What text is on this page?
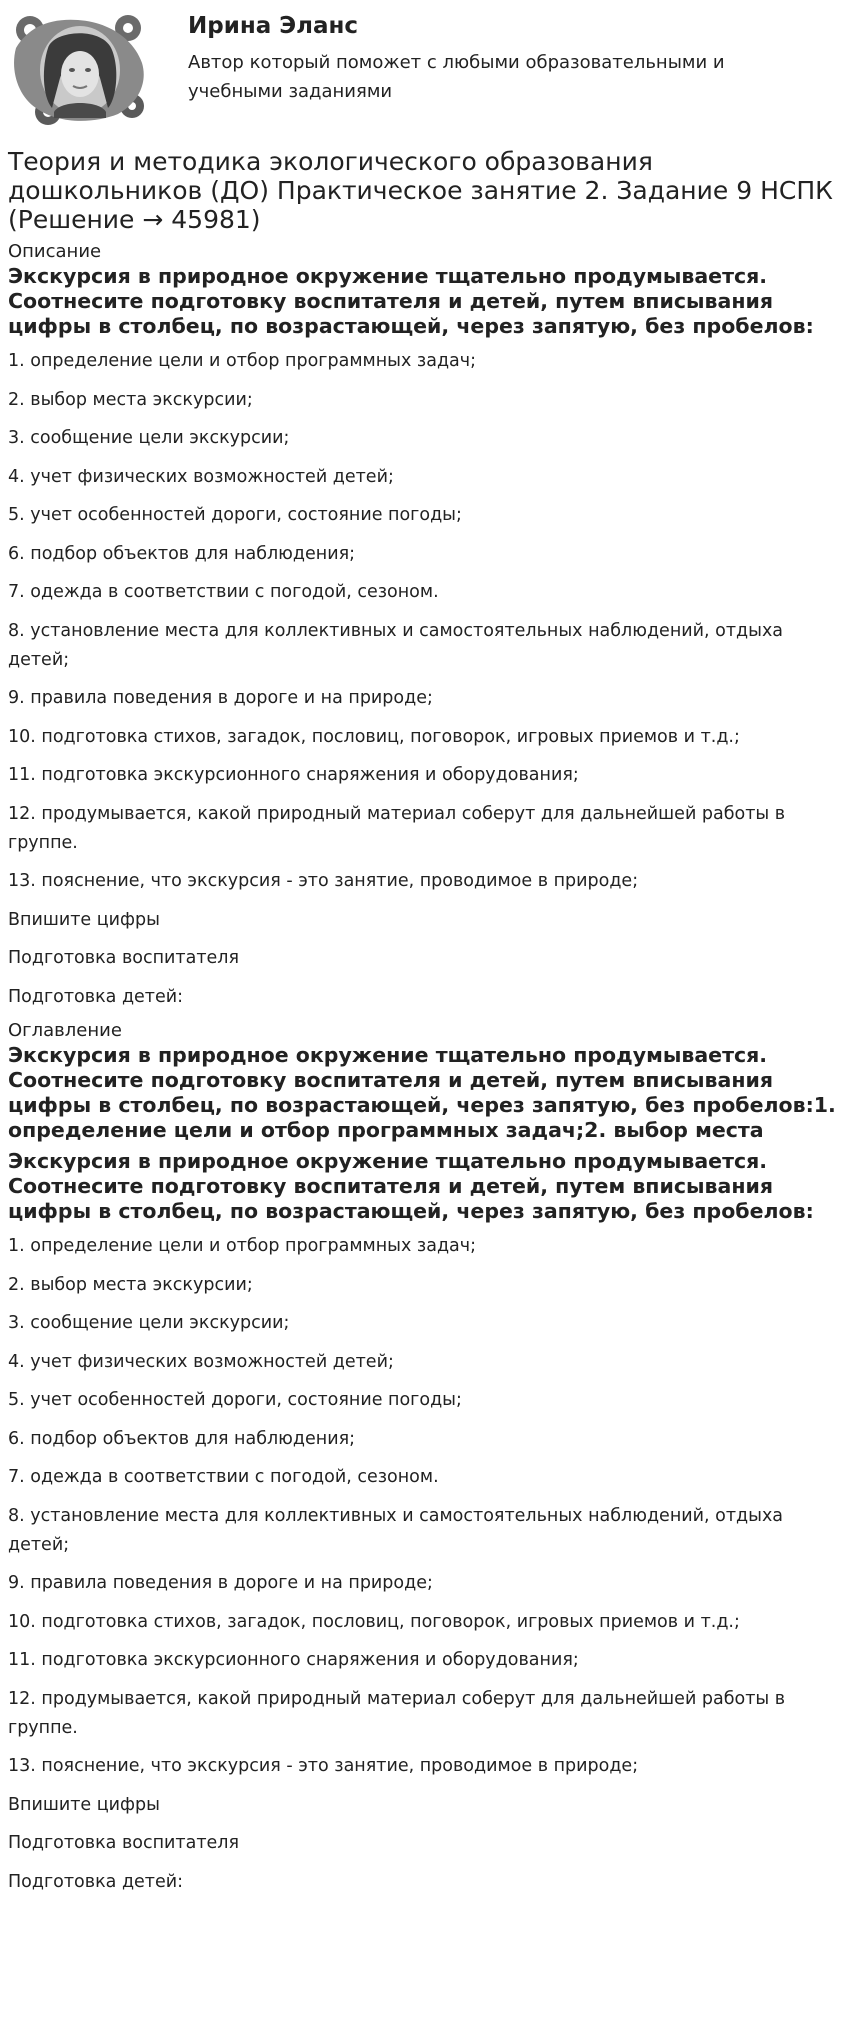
Ирина Эланс
Автор который поможет с любыми образовательными и учебными заданиями
Теория и методика экологического образования дошкольников (ДО) Практическое занятие 2. Задание 9 НСПК (Решение → 45981)
Описание
Экскурсия в природное окружение тщательно продумывается. Соотнесите подготовку воспитателя и детей, путем вписывания цифры в столбец, по возрастающей, через запятую, без пробелов:
1. определение цели и отбор программных задач;
2. выбор места экскурсии;
3. сообщение цели экскурсии;
4. учет физических возможностей детей;
5. учет особенностей дороги, состояние погоды;
6. подбор объектов для наблюдения;
7. одежда в соответствии с погодой, сезоном.
8. установление места для коллективных и самостоятельных наблюдений, отдыха детей;
9. правила поведения в дороге и на природе;
10. подготовка стихов, загадок, пословиц, поговорок, игровых приемов и т.д.;
11. подготовка экскурсионного снаряжения и оборудования;
12. продумывается, какой природный материал соберут для дальнейшей работы в группе.
13. пояснение, что экскурсия - это занятие, проводимое в природе;
Впишите цифры
Подготовка воспитателя
Подготовка детей:
Оглавление
Экскурсия в природное окружение тщательно продумывается. Соотнесите подготовку воспитателя и детей, путем вписывания цифры в столбец, по возрастающей, через запятую, без пробелов:1. определение цели и отбор программных задач;2. выбор места
Экскурсия в природное окружение тщательно продумывается. Соотнесите подготовку воспитателя и детей, путем вписывания цифры в столбец, по возрастающей, через запятую, без пробелов:
1. определение цели и отбор программных задач;
2. выбор места экскурсии;
3. сообщение цели экскурсии;
4. учет физических возможностей детей;
5. учет особенностей дороги, состояние погоды;
6. подбор объектов для наблюдения;
7. одежда в соответствии с погодой, сезоном.
8. установление места для коллективных и самостоятельных наблюдений, отдыха детей;
9. правила поведения в дороге и на природе;
10. подготовка стихов, загадок, пословиц, поговорок, игровых приемов и т.д.;
11. подготовка экскурсионного снаряжения и оборудования;
12. продумывается, какой природный материал соберут для дальнейшей работы в группе.
13. пояснение, что экскурсия - это занятие, проводимое в природе;
Впишите цифры
Подготовка воспитателя
Подготовка детей:
